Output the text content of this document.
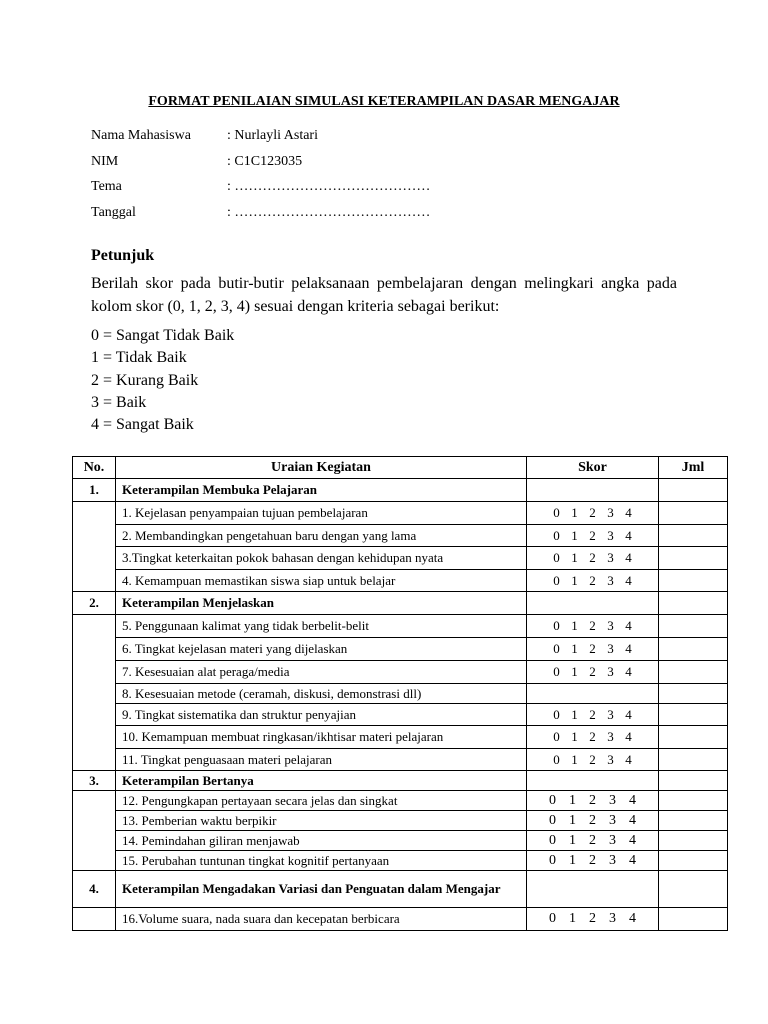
FORMAT PENILAIAN SIMULASI KETERAMPILAN DASAR MENGAJAR
Nama Mahasiswa	: Nurlayli Astari
NIM	: C1C123035
Tema	: ……………………………………
Tanggal	: ……………………………………
Petunjuk
Berilah skor pada butir-butir pelaksanaan pembelajaran dengan melingkari angka pada kolom skor (0, 1, 2, 3, 4) sesuai dengan kriteria sebagai berikut:
0 = Sangat Tidak Baik
1 = Tidak Baik
2 = Kurang Baik
3 = Baik
4 = Sangat Baik
No.	Uraian Kegiatan	Skor	Jml
1.	Keterampilan Membuka Pelajaran		
	1. Kejelasan penyampaian tujuan pembelajaran	0 1 2 3 4	
	2. Membandingkan pengetahuan baru dengan yang lama	0 1 2 3 4	
	3.Tingkat keterkaitan pokok bahasan dengan kehidupan nyata	0 1 2 3 4	
	4. Kemampuan memastikan siswa siap untuk belajar	0 1 2 3 4	
2.	Keterampilan Menjelaskan		
	5. Penggunaan kalimat yang tidak berbelit-belit	0 1 2 3 4	
	6. Tingkat kejelasan materi yang dijelaskan	0 1 2 3 4	
	7. Kesesuaian alat peraga/media	0 1 2 3 4	
	8. Kesesuaian metode (ceramah, diskusi, demonstrasi dll)		
	9. Tingkat sistematika dan struktur penyajian	0 1 2 3 4	
	10. Kemampuan membuat ringkasan/ikhtisar materi pelajaran	0 1 2 3 4	
	11. Tingkat penguasaan materi pelajaran	0 1 2 3 4	
3.	Keterampilan Bertanya		
	12. Pengungkapan pertayaan secara jelas dan singkat	0 1 2 3 4	
	13. Pemberian waktu berpikir	0 1 2 3 4	
	14. Pemindahan giliran menjawab	0 1 2 3 4	
	15. Perubahan tuntunan tingkat kognitif pertanyaan	0 1 2 3 4	
4.	Keterampilan Mengadakan Variasi dan Penguatan dalam Mengajar		
	16.Volume suara, nada suara dan kecepatan berbicara	0 1 2 3 4	
